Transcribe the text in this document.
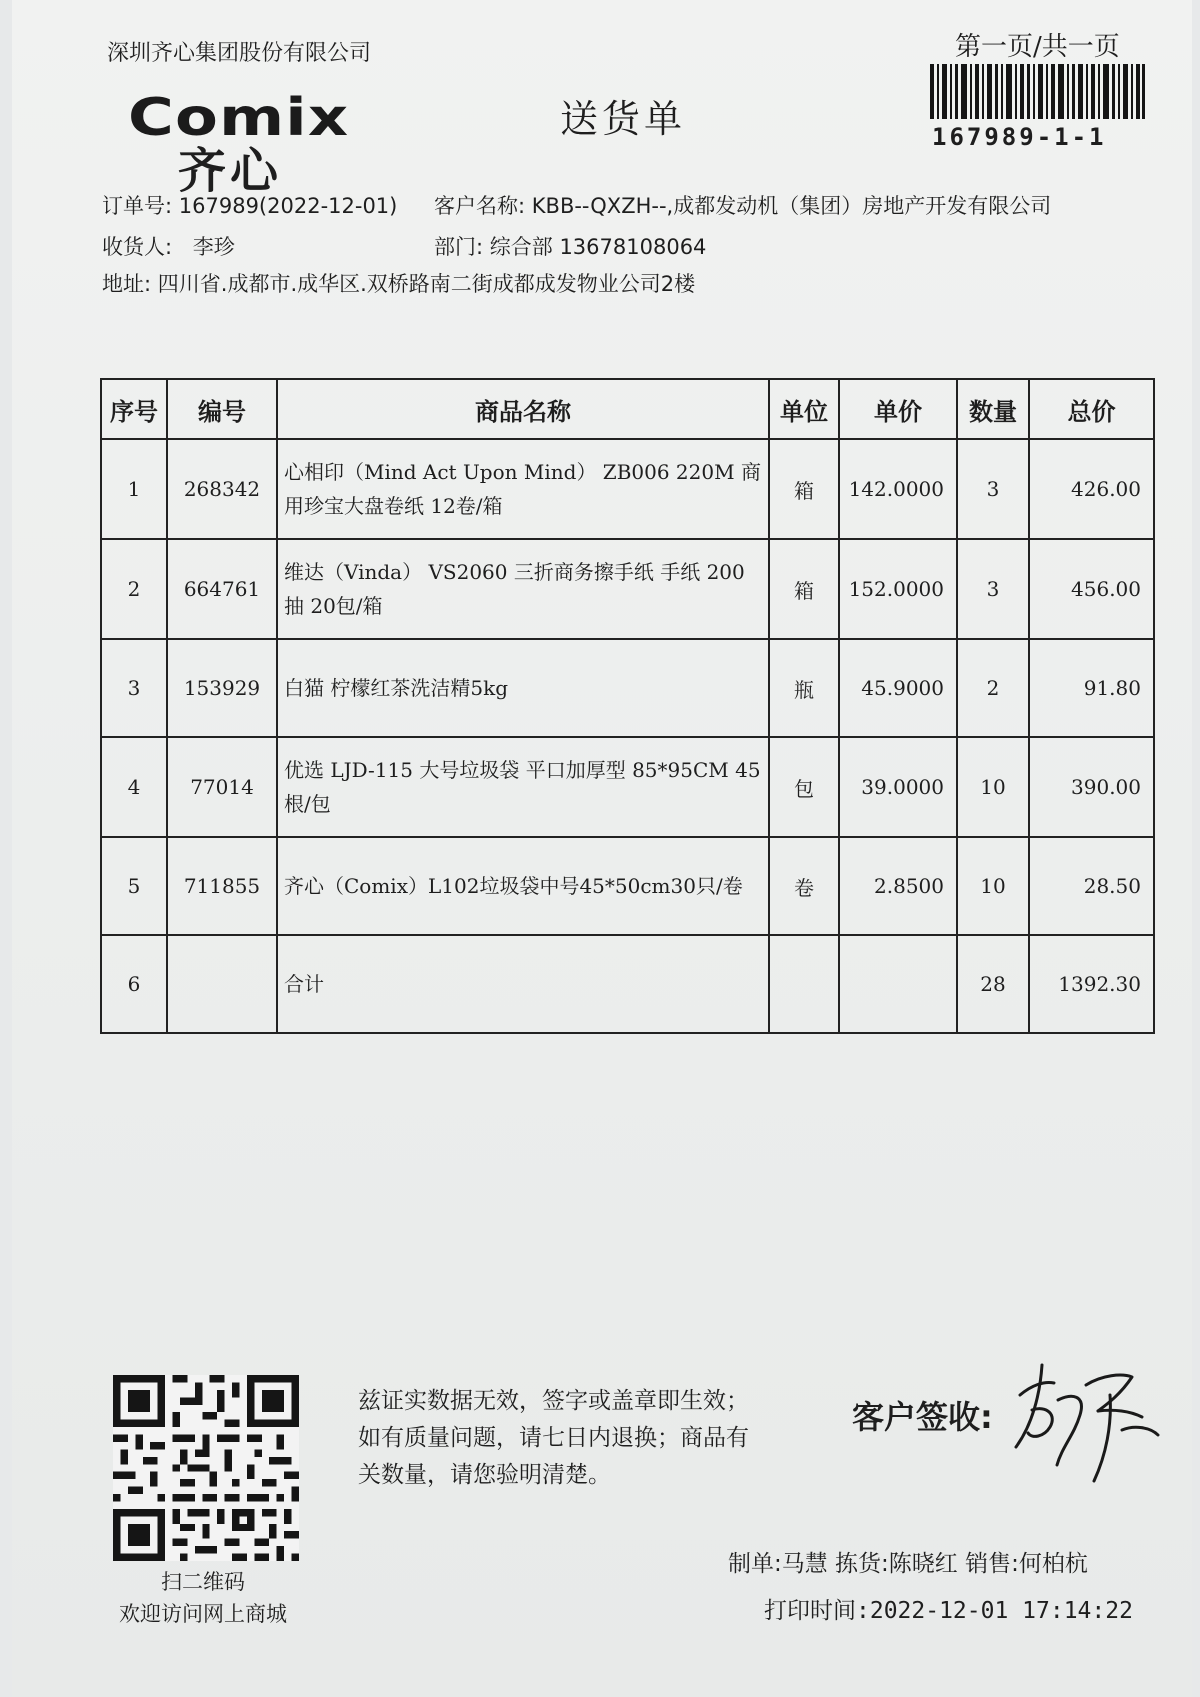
深圳齐心集团股份有限公司	第一页/共一页
167989-1-1
Comix
齐心
送货单
订单号: 167989(2022-12-01) 客户名称: KBB--QXZH--,成都发动机（集团）房地产开发有限公司
收货人: 李珍	部门: 综合部 13678108064
地址: 四川省.成都市.成华区.双桥路南二街成都成发物业公司2楼
序号	编号	商品名称	单位	单价	数量	总价
1	268342	心相印（Mind Act Upon Mind） ZB006 220M 商用珍宝大盘卷纸 12卷/箱	箱	142.0000	3	426.00
2	664761	维达（Vinda） VS2060 三折商务擦手纸 手纸 200抽 20包/箱	箱	152.0000	3	456.00
3	153929	白猫 柠檬红茶洗洁精5kg	瓶	45.9000	2	91.80
4	77014	优选 LJD-115 大号垃圾袋 平口加厚型 85*95CM 45根/包	包	39.0000	10	390.00
5	711855	齐心（Comix）L102垃圾袋中号45*50cm30只/卷	卷	2.8500	10	28.50
6		合计			28	1392.30
扫二维码
欢迎访问网上商城
兹证实数据无效，签字或盖章即生效；如有质量问题，请七日内退换；商品有关数量，请您验明清楚。
客户签收:
制单:马慧 拣货:陈晓红 销售:何柏杭
打印时间:2022-12-01 17:14:22
